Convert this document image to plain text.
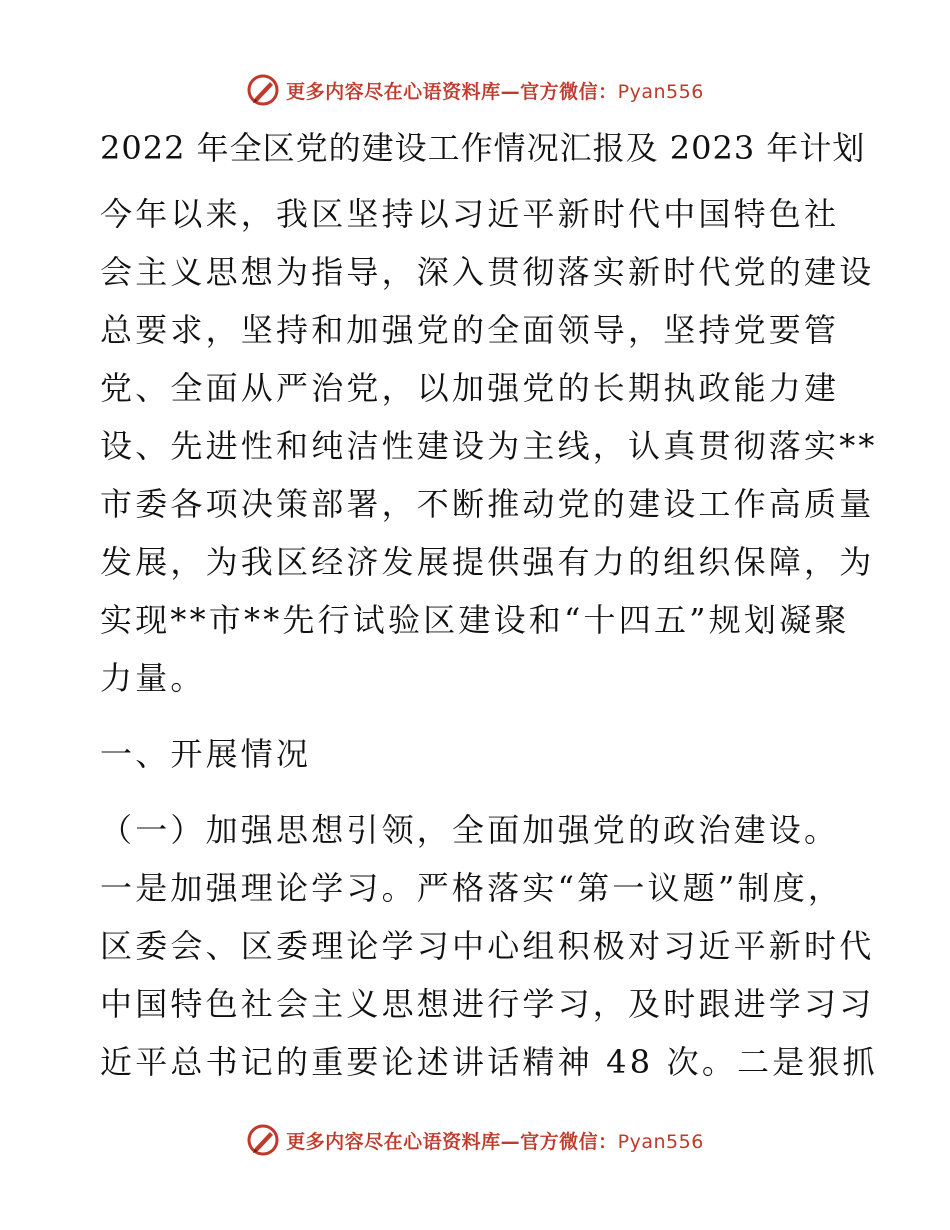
更多内容尽在心语资料库—官方微信：Pyan556
2022 年全区党的建设工作情况汇报及 2023 年计划
今年以来，我区坚持以习近平新时代中国特色社
会主义思想为指导，深入贯彻落实新时代党的建设
总要求，坚持和加强党的全面领导，坚持党要管
党、全面从严治党，以加强党的长期执政能力建
设、先进性和纯洁性建设为主线，认真贯彻落实**
市委各项决策部署，不断推动党的建设工作高质量
发展，为我区经济发展提供强有力的组织保障，为
实现**市**先行试验区建设和“十四五”规划凝聚
力量。
一、开展情况
（一）加强思想引领，全面加强党的政治建设。
一是加强理论学习。严格落实“第一议题”制度，
区委会、区委理论学习中心组积极对习近平新时代
中国特色社会主义思想进行学习，及时跟进学习习
近平总书记的重要论述讲话精神 48 次。二是狠抓
更多内容尽在心语资料库—官方微信：Pyan556
